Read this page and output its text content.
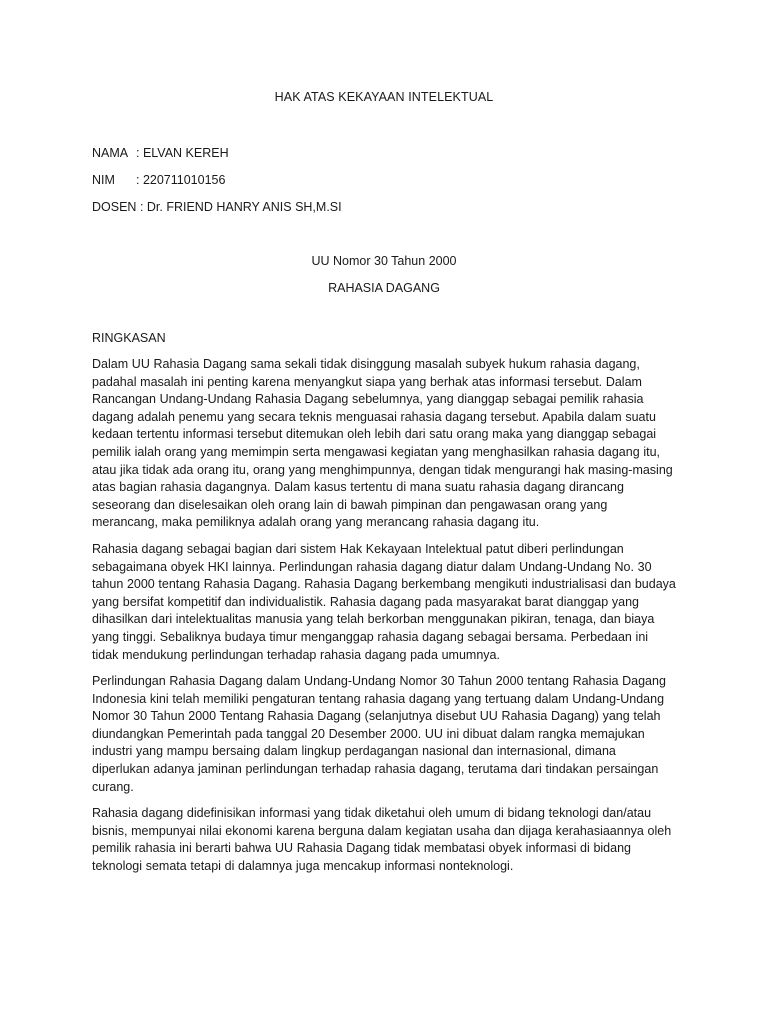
HAK ATAS KEKAYAAN INTELEKTUAL
NAMA : ELVAN KEREH
NIM : 220711010156
DOSEN : Dr. FRIEND HANRY ANIS SH,M.SI

UU Nomor 30 Tahun 2000

RAHASIA DAGANG

RINGKASAN

Dalam UU Rahasia Dagang sama sekali tidak disinggung masalah subyek hukum rahasia dagang, padahal masalah ini penting karena menyangkut siapa yang berhak atas informasi tersebut. Dalam Rancangan Undang-Undang Rahasia Dagang sebelumnya, yang dianggap sebagai pemilik rahasia dagang adalah penemu yang secara teknis menguasai rahasia dagang tersebut. Apabila dalam suatu kedaan tertentu informasi tersebut ditemukan oleh lebih dari satu orang maka yang dianggap sebagai pemilik ialah orang yang memimpin serta mengawasi kegiatan yang menghasilkan rahasia dagang itu, atau jika tidak ada orang itu, orang yang menghimpunnya, dengan tidak mengurangi hak masing-masing atas bagian rahasia dagangnya. Dalam kasus tertentu di mana suatu rahasia dagang dirancang seseorang dan diselesaikan oleh orang lain di bawah pimpinan dan pengawasan orang yang merancang, maka pemiliknya adalah orang yang merancang rahasia dagang itu.

Rahasia dagang sebagai bagian dari sistem Hak Kekayaan Intelektual patut diberi perlindungan sebagaimana obyek HKI lainnya. Perlindungan rahasia dagang diatur dalam Undang-Undang No. 30 tahun 2000 tentang Rahasia Dagang. Rahasia Dagang berkembang mengikuti industrialisasi dan budaya yang bersifat kompetitif dan individualistik. Rahasia dagang pada masyarakat barat dianggap yang dihasilkan dari intelektualitas manusia yang telah berkorban menggunakan pikiran, tenaga, dan biaya yang tinggi. Sebaliknya budaya timur menganggap rahasia dagang sebagai bersama. Perbedaan ini tidak mendukung perlindungan terhadap rahasia dagang pada umumnya.

Perlindungan Rahasia Dagang dalam Undang-Undang Nomor 30 Tahun 2000 tentang Rahasia Dagang Indonesia kini telah memiliki pengaturan tentang rahasia dagang yang tertuang dalam Undang-Undang Nomor 30 Tahun 2000 Tentang Rahasia Dagang (selanjutnya disebut UU Rahasia Dagang) yang telah diundangkan Pemerintah pada tanggal 20 Desember 2000. UU ini dibuat dalam rangka memajukan industri yang mampu bersaing dalam lingkup perdagangan nasional dan internasional, dimana diperlukan adanya jaminan perlindungan terhadap rahasia dagang, terutama dari tindakan persaingan curang.

Rahasia dagang didefinisikan informasi yang tidak diketahui oleh umum di bidang teknologi dan/atau bisnis, mempunyai nilai ekonomi karena berguna dalam kegiatan usaha dan dijaga kerahasiaannya oleh pemilik rahasia ini berarti bahwa UU Rahasia Dagang tidak membatasi obyek informasi di bidang teknologi semata tetapi di dalamnya juga mencakup informasi nonteknologi.
